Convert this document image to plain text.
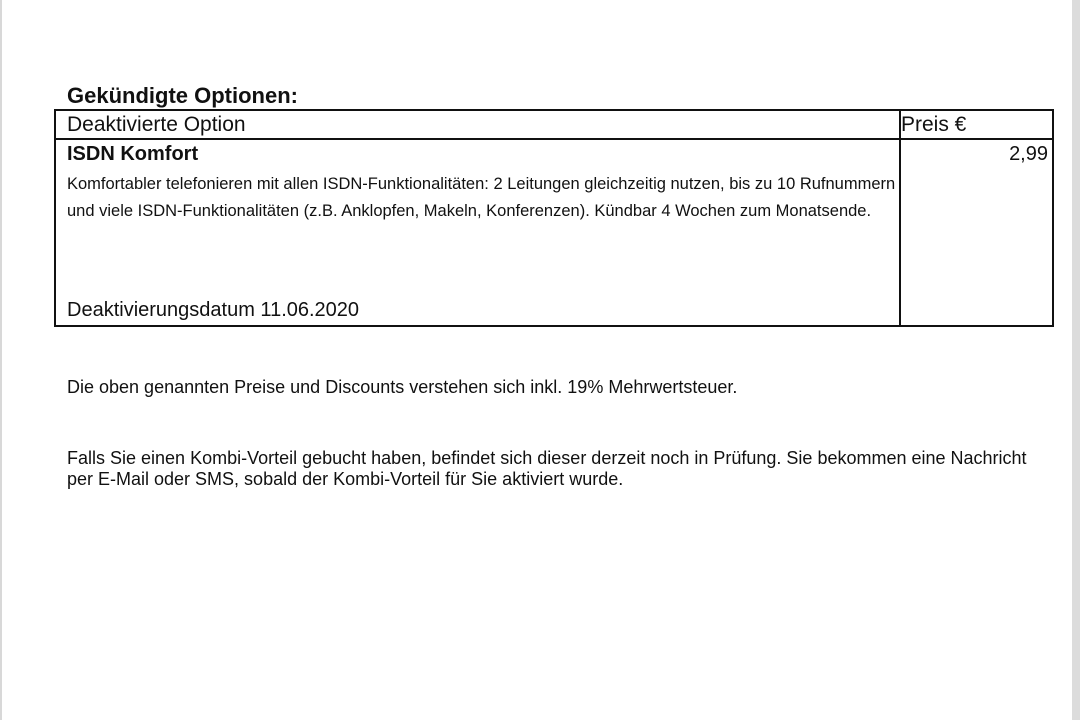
Gekündigte Optionen:
Deaktivierte Option	Preis €
ISDN Komfort	2,99

Komfortabler telefonieren mit allen ISDN-Funktionalitäten: 2 Leitungen gleichzeitig nutzen, bis zu 10 Rufnummern und viele ISDN-Funktionalitäten (z.B. Anklopfen, Makeln, Konferenzen). Kündbar 4 Wochen zum Monatsende.

Deaktivierungsdatum 11.06.2020

Die oben genannten Preise und Discounts verstehen sich inkl. 19% Mehrwertsteuer.

Falls Sie einen Kombi-Vorteil gebucht haben, befindet sich dieser derzeit noch in Prüfung. Sie bekommen eine Nachricht per E-Mail oder SMS, sobald der Kombi-Vorteil für Sie aktiviert wurde.
